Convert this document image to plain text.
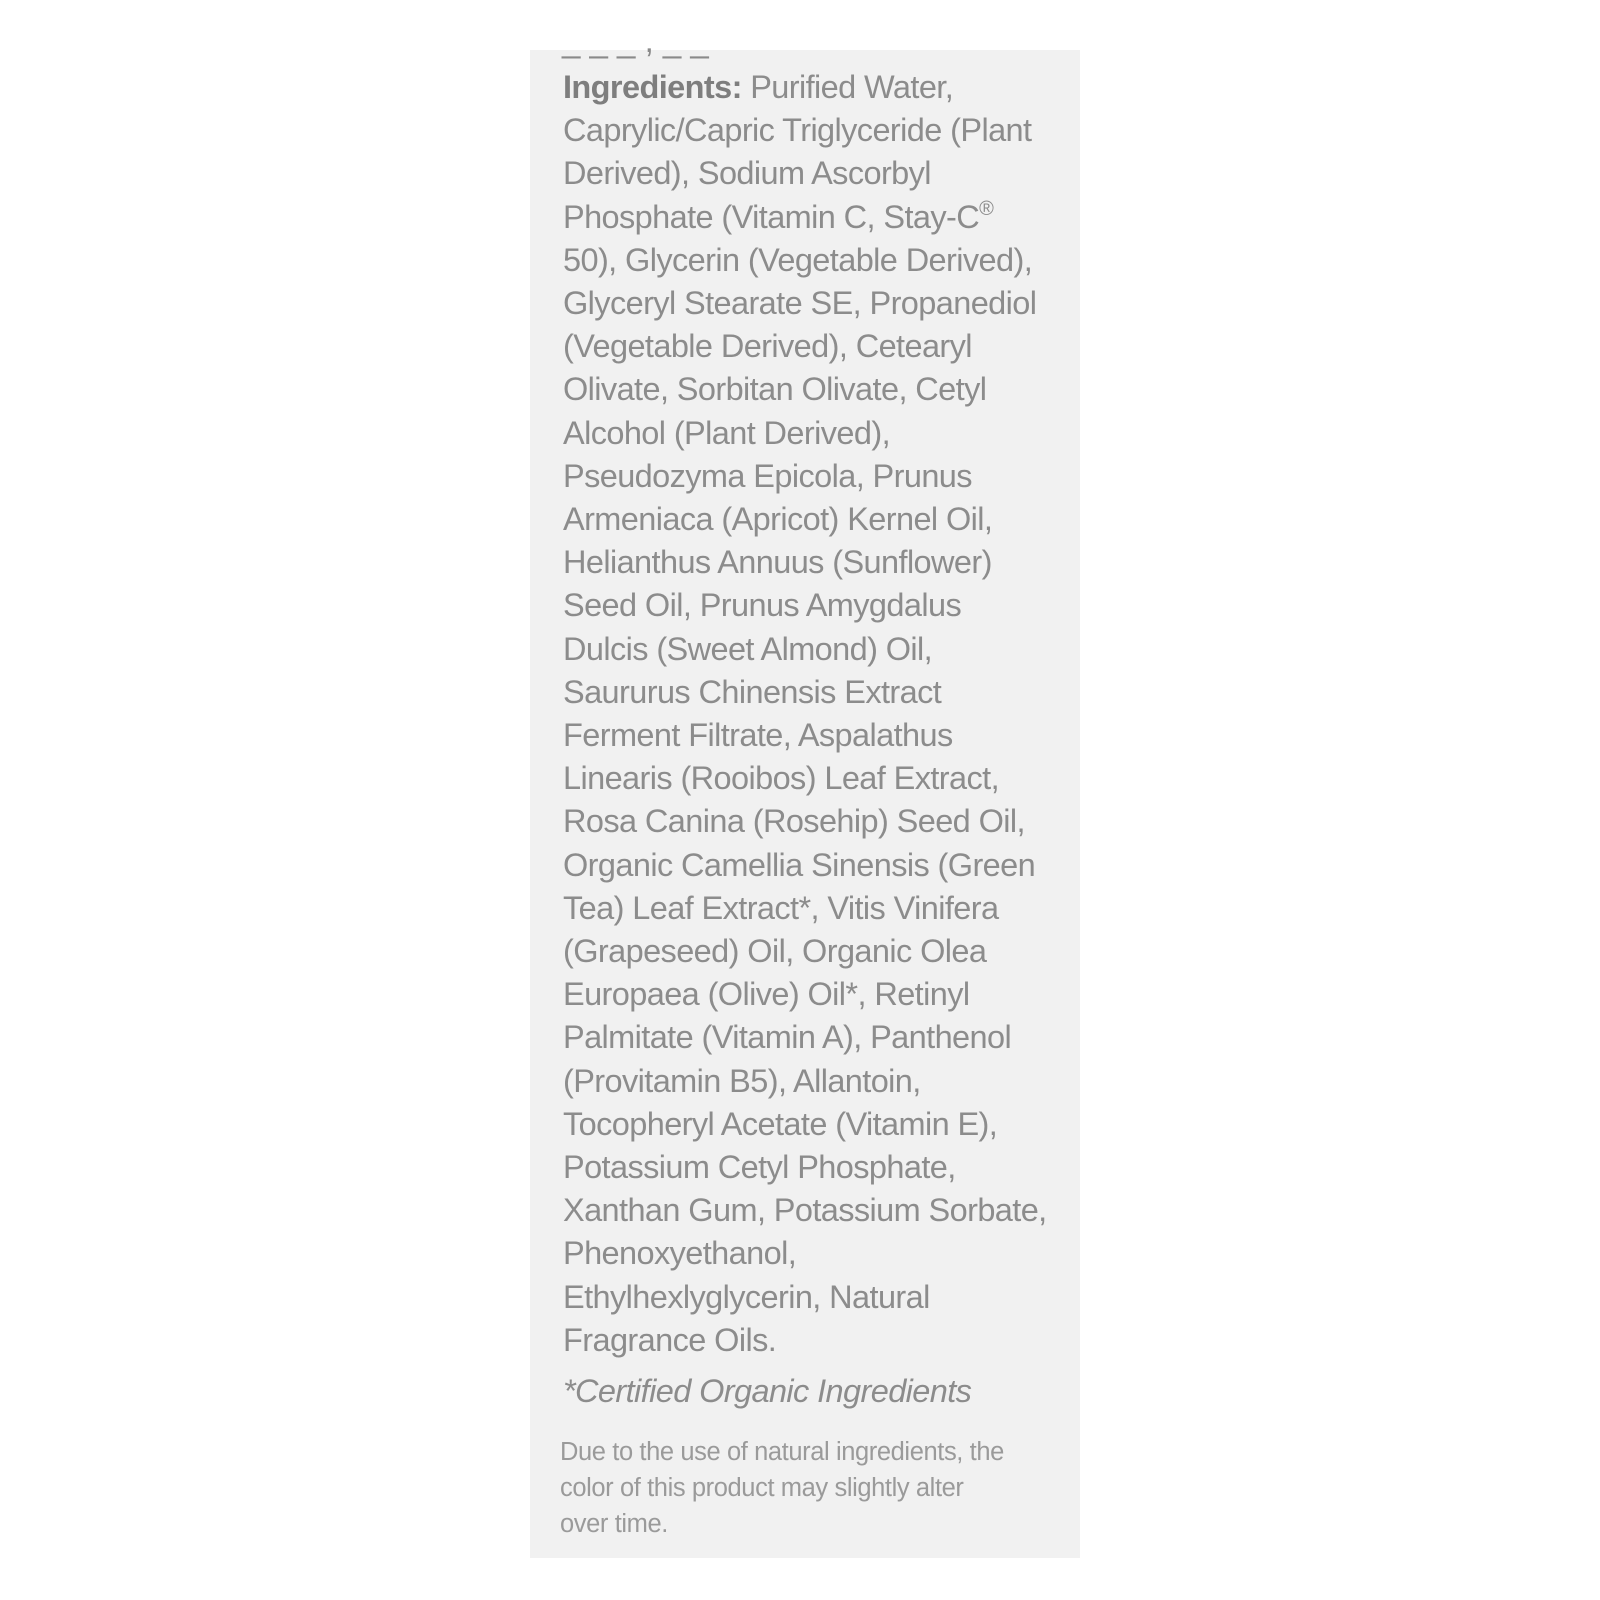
_ _ _ , _ _

Ingredients: Purified Water,
Caprylic/Capric Triglyceride (Plant
Derived), Sodium Ascorbyl
Phosphate (Vitamin C, Stay-C®
50), Glycerin (Vegetable Derived),
Glyceryl Stearate SE, Propanediol
(Vegetable Derived), Cetearyl
Olivate, Sorbitan Olivate, Cetyl
Alcohol (Plant Derived),
Pseudozyma Epicola, Prunus
Armeniaca (Apricot) Kernel Oil,
Helianthus Annuus (Sunflower)
Seed Oil, Prunus Amygdalus
Dulcis (Sweet Almond) Oil,
Saururus Chinensis Extract
Ferment Filtrate, Aspalathus
Linearis (Rooibos) Leaf Extract,
Rosa Canina (Rosehip) Seed Oil,
Organic Camellia Sinensis (Green
Tea) Leaf Extract*, Vitis Vinifera
(Grapeseed) Oil, Organic Olea
Europaea (Olive) Oil*, Retinyl
Palmitate (Vitamin A), Panthenol
(Provitamin B5), Allantoin,
Tocopheryl Acetate (Vitamin E),
Potassium Cetyl Phosphate,
Xanthan Gum, Potassium Sorbate,
Phenoxyethanol,
Ethylhexlyglycerin, Natural
Fragrance Oils.

*Certified Organic Ingredients

Due to the use of natural ingredients, the
color of this product may slightly alter
over time.
